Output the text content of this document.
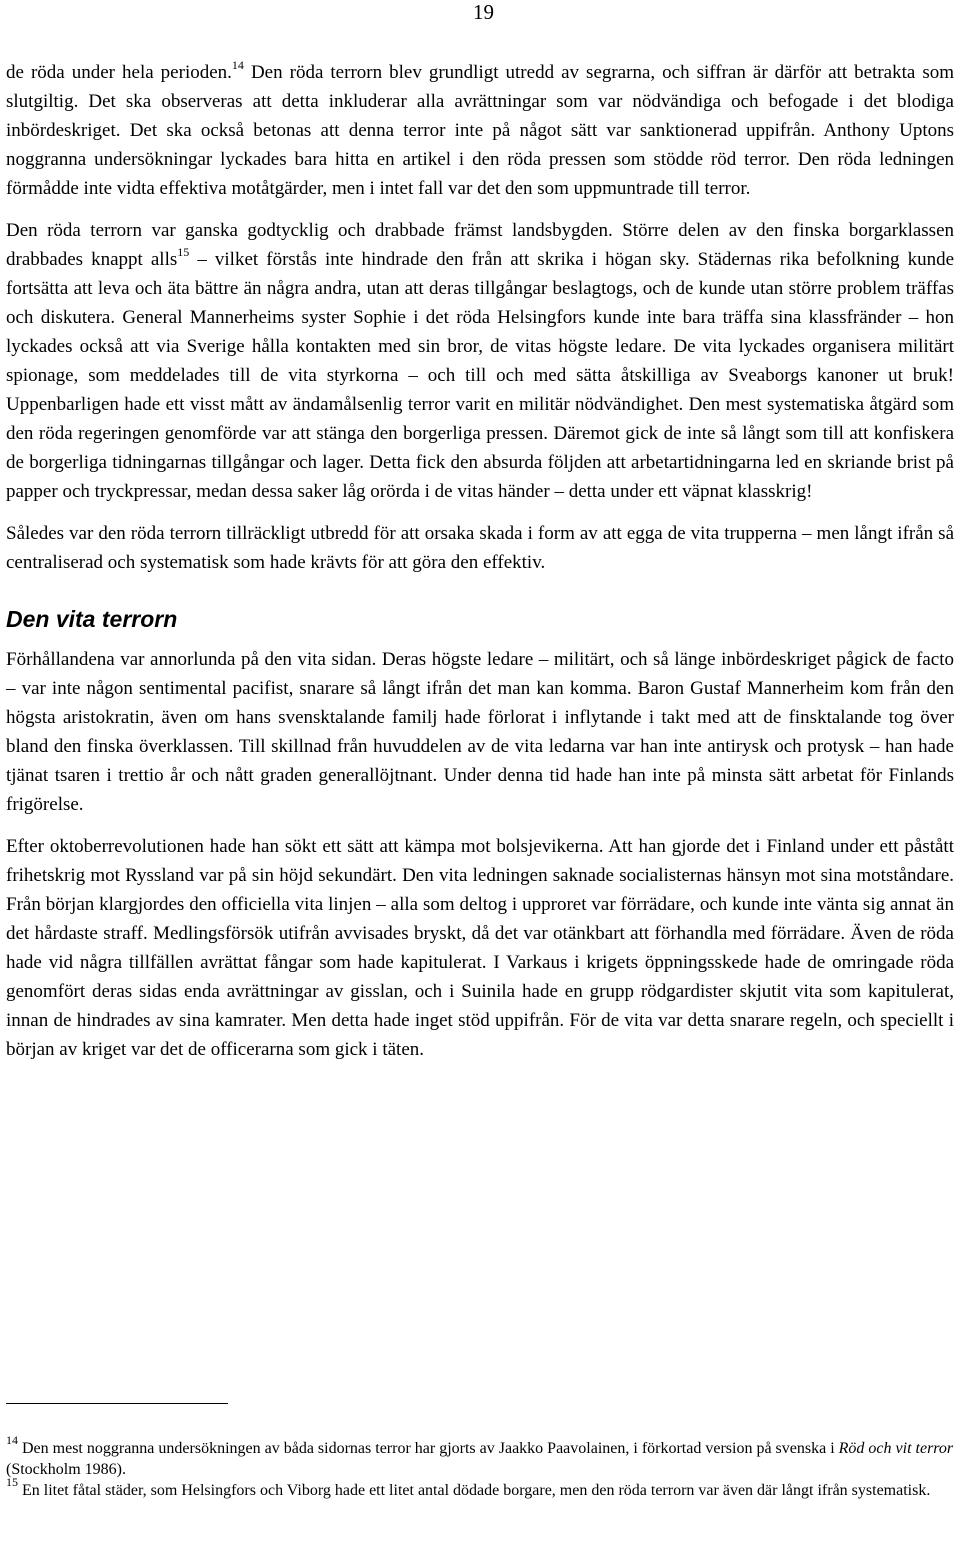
19

de röda under hela perioden.$^{14}$ Den röda terrorn blev grundligt utredd av segrarna, och siffran är därför att betrakta som slutgiltig. Det ska observeras att detta inkluderar alla avrättningar som var nödvändiga och befogade i det blodiga inbördeskriget. Det ska också betonas att denna terror inte på något sätt var sanktionerad uppifrån. Anthony Uptons noggranna undersökningar lyckades bara hitta en artikel i den röda pressen som stödde röd terror. Den röda ledningen förmådde inte vidta effektiva motåtgärder, men i intet fall var det den som uppmuntrade till terror.

Den röda terrorn var ganska godtycklig och drabbade främst landsbygden. Större delen av den finska borgarklassen drabbades knappt alls$^{15}$ – vilket förstås inte hindrade den från att skrika i högan sky. Städernas rika befolkning kunde fortsätta att leva och äta bättre än några andra, utan att deras tillgångar beslagtogs, och de kunde utan större problem träffas och diskutera. General Mannerheims syster Sophie i det röda Helsingfors kunde inte bara träffa sina klassfränder – hon lyckades också att via Sverige hålla kontakten med sin bror, de vitas högste ledare. De vita lyckades organisera militärt spionage, som meddelades till de vita styrkorna – och till och med sätta åtskilliga av Sveaborgs kanoner ut bruk! Uppenbarligen hade ett visst mått av ändamålsenlig terror varit en militär nödvändighet. Den mest systematiska åtgärd som den röda regeringen genomförde var att stänga den borgerliga pressen. Däremot gick de inte så långt som till att konfiskera de borgerliga tidningarnas tillgångar och lager. Detta fick den absurda följden att arbetartidningarna led en skriande brist på papper och tryckpressar, medan dessa saker låg orörda i de vitas händer – detta under ett väpnat klasskrig!

Således var den röda terrorn tillräckligt utbredd för att orsaka skada i form av att egga de vita trupperna – men långt ifrån så centraliserad och systematisk som hade krävts för att göra den effektiv.

Den vita terrorn

Förhållandena var annorlunda på den vita sidan. Deras högste ledare – militärt, och så länge inbördeskriget pågick de facto – var inte någon sentimental pacifist, snarare så långt ifrån det man kan komma. Baron Gustaf Mannerheim kom från den högsta aristokratin, även om hans svensktalande familj hade förlorat i inflytande i takt med att de finsktalande tog över bland den finska överklassen. Till skillnad från huvuddelen av de vita ledarna var han inte antirysk och protysk – han hade tjänat tsaren i trettio år och nått graden generallöjtnant. Under denna tid hade han inte på minsta sätt arbetat för Finlands frigörelse.

Efter oktoberrevolutionen hade han sökt ett sätt att kämpa mot bolsjevikerna. Att han gjorde det i Finland under ett påstått frihetskrig mot Ryssland var på sin höjd sekundärt. Den vita ledningen saknade socialisternas hänsyn mot sina motståndare. Från början klargjordes den officiella vita linjen – alla som deltog i upproret var förrädare, och kunde inte vänta sig annat än det hårdaste straff. Medlingsförsök utifrån avvisades bryskt, då det var otänkbart att förhandla med förrädare. Även de röda hade vid några tillfällen avrättat fångar som hade kapitulerat. I Varkaus i krigets öppningsskede hade de omringade röda genomfört deras sidas enda avrättningar av gisslan, och i Suinila hade en grupp rödgardister skjutit vita som kapitulerat, innan de hindrades av sina kamrater. Men detta hade inget stöd uppifrån. För de vita var detta snarare regeln, och speciellt i början av kriget var det de officerarna som gick i täten.

$^{14}$ Den mest noggranna undersökningen av båda sidornas terror har gjorts av Jaakko Paavolainen, i förkortad version på svenska i Röd och vit terror (Stockholm 1986).

$^{15}$ En litet fåtal städer, som Helsingfors och Viborg hade ett litet antal dödade borgare, men den röda terrorn var även där långt ifrån systematisk.
